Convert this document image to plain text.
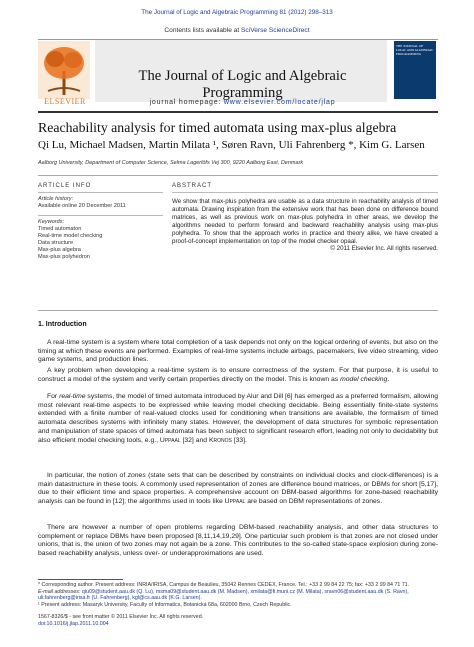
The Journal of Logic and Algebraic Programming 81 (2012) 298–313
Contents lists available at SciVerse ScienceDirect
ELSEVIER
The Journal of Logic and Algebraic Programming
journal homepage: www.elsevier.com/locate/jlap
THE JOURNAL OF LOGIC AND ALGEBRAIC PROGRAMMING
Reachability analysis for timed automata using max-plus algebra
Qi Lu, Michael Madsen, Martin Milata ¹, Søren Ravn, Uli Fahrenberg *, Kim G. Larsen
Aalborg University, Department of Computer Science, Selma Lagerlöfs Vej 300, 9220 Aalborg East, Denmark
ARTICLE INFO	ABSTRACT
Article history:
Available online 20 December 2011
Keywords:
Timed automaton
Real-time model checking
Data structure
Max-plus algebra
Max-plus polyhedron
We show that max-plus polyhedra are usable as a data structure in reachability analysis of timed automata. Drawing inspiration from the extensive work that has been done on difference bound matrices, as well as previous work on max-plus polyhedra in other areas, we develop the algorithms needed to perform forward and backward reachability analysis using max-plus polyhedra. To show that the approach works in practice and theory alike, we have created a proof-of-concept implementation on top of the model checker opaal.
© 2011 Elsevier Inc. All rights reserved.
1. Introduction
A real-time system is a system where total completion of a task depends not only on the logical ordering of events, but also on the timing at which these events are performed. Examples of real-time systems include airbags, pacemakers, live video streaming, video game systems, and production lines.
A key problem when developing a real-time system is to ensure correctness of the system. For that purpose, it is useful to construct a model of the system and verify certain properties directly on the model. This is known as model checking.
For real-time systems, the model of timed automata introduced by Alur and Dill [6] has emerged as a preferred formalism, allowing most relevant real-time aspects to be expressed while leaving model checking decidable. Being essentially finite-state systems extended with a finite number of real-valued clocks used for conditioning when transitions are available, the formalism of timed automata describes systems with infinitely many states. However, the development of data structures for symbolic representation and manipulation of state spaces of timed automata has been subject to significant research effort, leading not only to decidability but also efficient model checking tools, e.g., Uppaal [32] and Kronos [33].
In particular, the notion of zones (state sets that can be described by constraints on individual clocks and clock-differences) is a main datastructure in these tools. A commonly used representation of zones are difference bound matrices, or DBMs for short [5,17], due to their efficient time and space properties. A comprehensive account on DBM-based algorithms for zone-based reachability analysis can be found in [12]; the algorithms used in tools like Uppaal are based on DBM representations of zones.
There are however a number of open problems regarding DBM-based reachability analysis, and other data structures to complement or replace DBMs have been proposed [8,11,14,19,29]. One particular such problem is that zones are not closed under unions, that is, the union of two zones may not again be a zone. This contributes to the so-called state-space explosion during zone-based reachability analysis, unless over- or underapproximations are used.
* Corresponding author. Present address: INRIA/IRISA, Campus de Beaulieu, 35042 Rennes CEDEX, France. Tel.: +33 2 99 84 22 75; fax: +33 2 99 84 71 71.
E-mail addresses: qlu09@student.aau.dk (Q. Lu), msma09@student.aau.dk (M. Madsen), xmilata@fi.muni.cz (M. Milata), sravn06@student.aau.dk (S. Ravn), uli.fahrenberg@irisa.fr (U. Fahrenberg), kgl@cs.aau.dk (K.G. Larsen).
¹ Present address: Masaryk University, Faculty of Informatics, Botanická 68a, 602000 Brno, Czech Republic.
1567-8326/$ - see front matter © 2011 Elsevier Inc. All rights reserved.
doi:10.1016/j.jlap.2011.10.004
